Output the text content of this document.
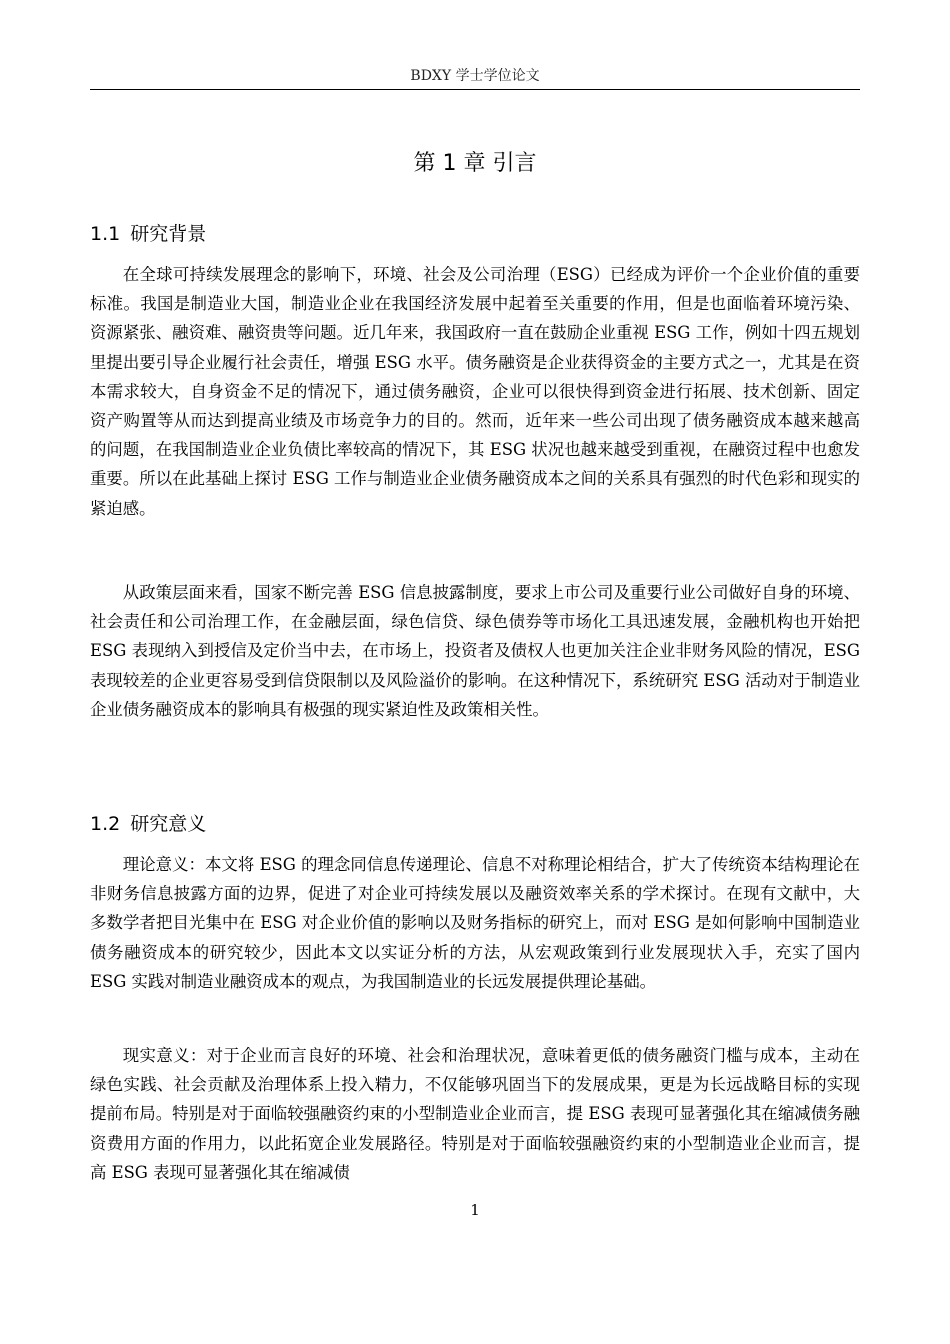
BDXY 学士学位论文
第 1 章 引言
1.1 研究背景

在全球可持续发展理念的影响下，环境、社会及公司治理（ESG）已经成为评价一个企业价值的重要标准。我国是制造业大国，制造业企业在我国经济发展中起着至关重要的作用，但是也面临着环境污染、资源紧张、融资难、融资贵等问题。近几年来，我国政府一直在鼓励企业重视 ESG 工作，例如十四五规划里提出要引导企业履行社会责任，增强 ESG 水平。债务融资是企业获得资金的主要方式之一，尤其是在资本需求较大，自身资金不足的情况下，通过债务融资，企业可以很快得到资金进行拓展、技术创新、固定资产购置等从而达到提高业绩及市场竞争力的目的。然而，近年来一些公司出现了债务融资成本越来越高的问题，在我国制造业企业负债比率较高的情况下，其 ESG 状况也越来越受到重视，在融资过程中也愈发重要。所以在此基础上探讨 ESG 工作与制造业企业债务融资成本之间的关系具有强烈的时代色彩和现实的紧迫感。

从政策层面来看，国家不断完善 ESG 信息披露制度，要求上市公司及重要行业公司做好自身的环境、社会责任和公司治理工作，在金融层面，绿色信贷、绿色债券等市场化工具迅速发展，金融机构也开始把 ESG 表现纳入到授信及定价当中去，在市场上，投资者及债权人也更加关注企业非财务风险的情况，ESG 表现较差的企业更容易受到信贷限制以及风险溢价的影响。在这种情况下，系统研究 ESG 活动对于制造业企业债务融资成本的影响具有极强的现实紧迫性及政策相关性。

1.2 研究意义

理论意义：本文将 ESG 的理念同信息传递理论、信息不对称理论相结合，扩大了传统资本结构理论在非财务信息披露方面的边界，促进了对企业可持续发展以及融资效率关系的学术探讨。在现有文献中，大多数学者把目光集中在 ESG 对企业价值的影响以及财务指标的研究上，而对 ESG 是如何影响中国制造业债务融资成本的研究较少，因此本文以实证分析的方法，从宏观政策到行业发展现状入手，充实了国内 ESG 实践对制造业融资成本的观点，为我国制造业的长远发展提供理论基础。

现实意义：对于企业而言良好的环境、社会和治理状况，意味着更低的债务融资门槛与成本，主动在绿色实践、社会贡献及治理体系上投入精力，不仅能够巩固当下的发展成果，更是为长远战略目标的实现提前布局。特别是对于面临较强融资约束的小型制造业企业而言，提 ESG 表现可显著强化其在缩减债务融资费用方面的作用力，以此拓宽企业发展路径。特别是对于面临较强融资约束的小型制造业企业而言，提高 ESG 表现可显著强化其在缩减债

1
